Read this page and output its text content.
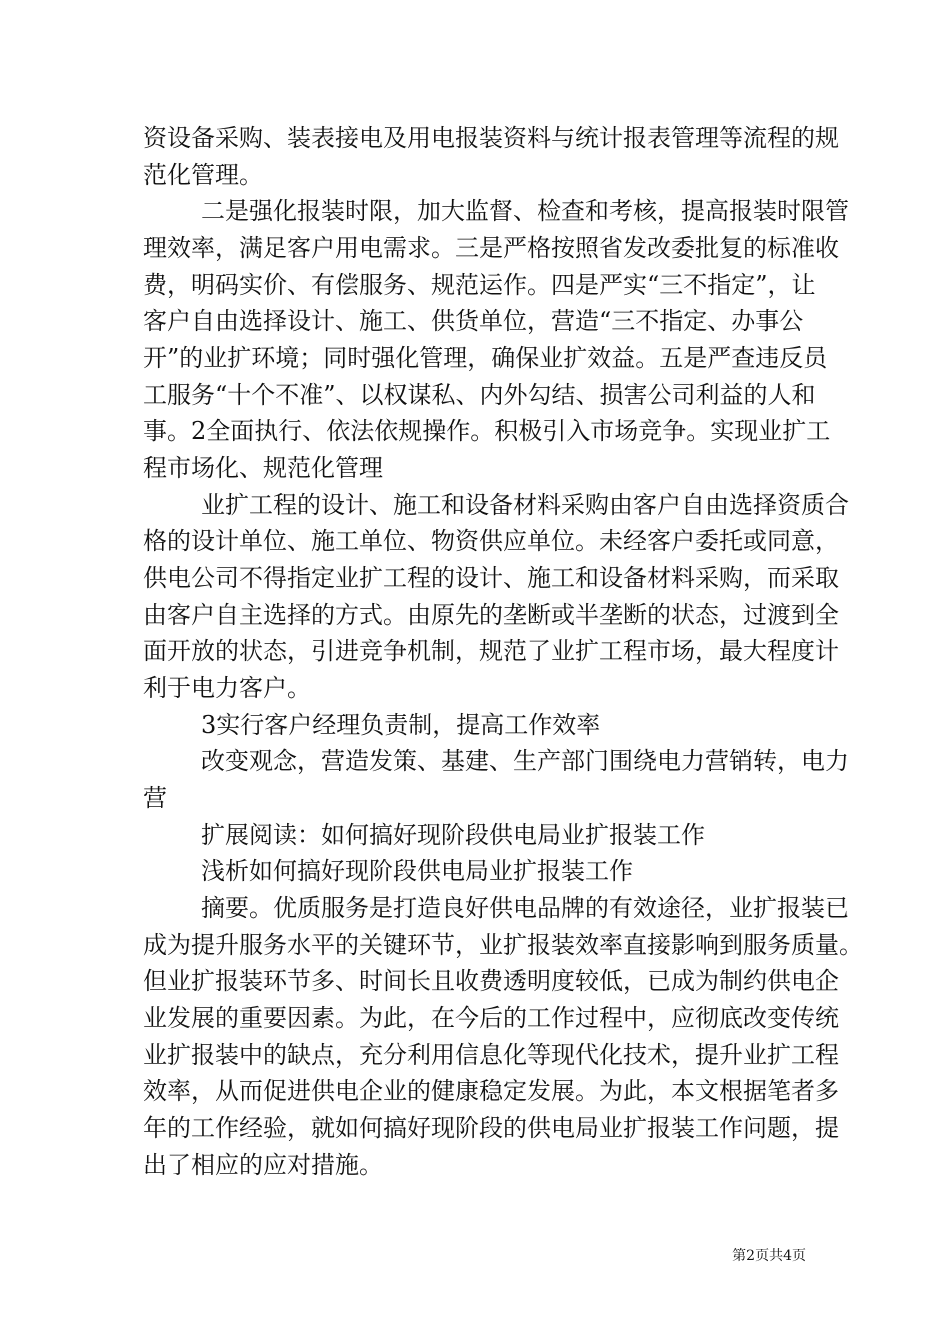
资设备采购、装表接电及用电报装资料与统计报表管理等流程的规
范化管理。
二是强化报装时限，加大监督、检查和考核，提高报装时限管
理效率，满足客户用电需求。三是严格按照省发改委批复的标准收
费，明码实价、有偿服务、规范运作。四是严实“三不指定”，让
客户自由选择设计、施工、供货单位，营造“三不指定、办事公
开”的业扩环境；同时强化管理，确保业扩效益。五是严查违反员
工服务“十个不准”、以权谋私、内外勾结、损害公司利益的人和
事。2全面执行、依法依规操作。积极引入市场竞争。实现业扩工
程市场化、规范化管理
业扩工程的设计、施工和设备材料采购由客户自由选择资质合
格的设计单位、施工单位、物资供应单位。未经客户委托或同意，
供电公司不得指定业扩工程的设计、施工和设备材料采购，而采取
由客户自主选择的方式。由原先的垄断或半垄断的状态，过渡到全
面开放的状态，引进竞争机制，规范了业扩工程市场，最大程度计
利于电力客户。
3实行客户经理负责制，提高工作效率
改变观念，营造发策、基建、生产部门围绕电力营销转，电力
营
扩展阅读：如何搞好现阶段供电局业扩报装工作
浅析如何搞好现阶段供电局业扩报装工作
摘要。优质服务是打造良好供电品牌的有效途径，业扩报装已
成为提升服务水平的关键环节，业扩报装效率直接影响到服务质量。
但业扩报装环节多、时间长且收费透明度较低，已成为制约供电企
业发展的重要因素。为此，在今后的工作过程中，应彻底改变传统
业扩报装中的缺点，充分利用信息化等现代化技术，提升业扩工程
效率，从而促进供电企业的健康稳定发展。为此，本文根据笔者多
年的工作经验，就如何搞好现阶段的供电局业扩报装工作问题，提
出了相应的应对措施。
第2页共4页
